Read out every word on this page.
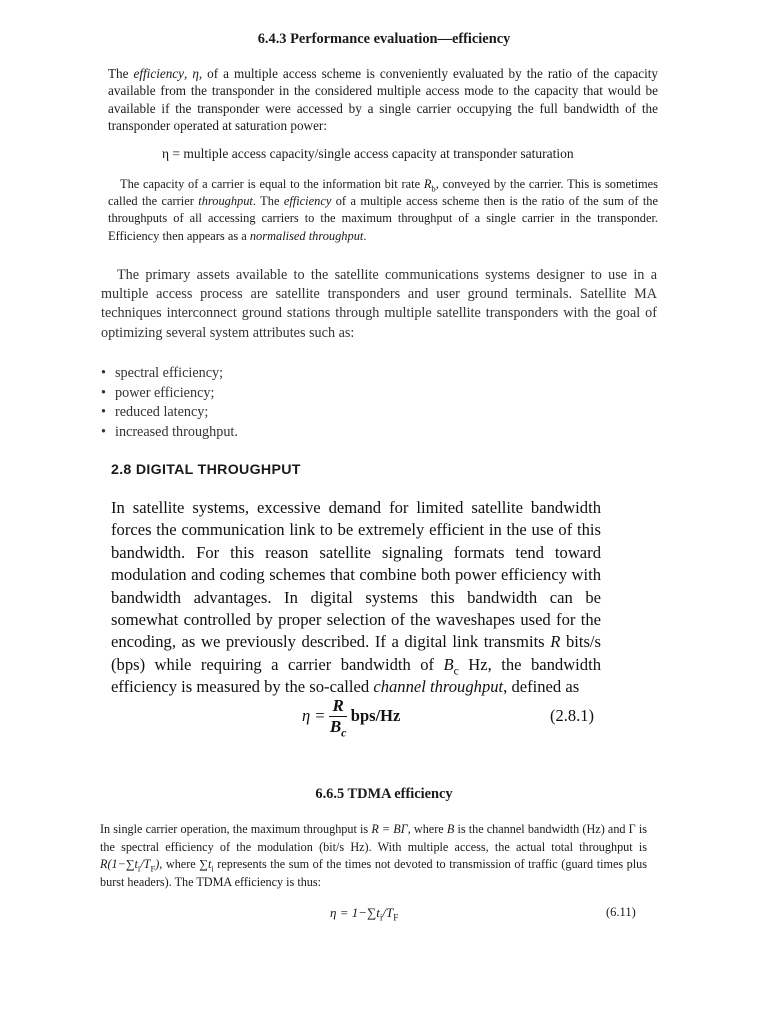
6.4.3 Performance evaluation—efficiency
The efficiency, η, of a multiple access scheme is conveniently evaluated by the ratio of the capacity available from the transponder in the considered multiple access mode to the capacity that would be available if the transponder were accessed by a single carrier occupying the full bandwidth of the transponder operated at saturation power:
η = multiple access capacity/single access capacity at transponder saturation
The capacity of a carrier is equal to the information bit rate $R_b$, conveyed by the carrier. This is sometimes called the carrier throughput. The efficiency of a multiple access scheme then is the ratio of the sum of the throughputs of all accessing carriers to the maximum throughput of a single carrier in the transponder. Efficiency then appears as a normalised throughput.
The primary assets available to the satellite communications systems designer to use in a multiple access process are satellite transponders and user ground terminals. Satellite MA techniques interconnect ground stations through multiple satellite transponders with the goal of optimizing several system attributes such as:
• spectral efficiency;
• power efficiency;
• reduced latency;
• increased throughput.
2.8 DIGITAL THROUGHPUT
In satellite systems, excessive demand for limited satellite bandwidth forces the communication link to be extremely efficient in the use of this bandwidth. For this reason satellite signaling formats tend toward modulation and coding schemes that combine both power efficiency with bandwidth advantages. In digital systems this bandwidth can be somewhat controlled by proper selection of the waveshapes used for the encoding, as we previously described. If a digital link transmits R bits/s (bps) while requiring a carrier bandwidth of $B_c$ Hz, the bandwidth efficiency is measured by the so-called channel throughput, defined as
$\eta = \frac{R}{B_c} bps/Hz$	(2.8.1)
6.6.5 TDMA efficiency
In single carrier operation, the maximum throughput is R = BΓ, where B is the channel bandwidth (Hz) and Γ is the spectral efficiency of the modulation (bit/s Hz). With multiple access, the actual total throughput is $R(1-\sum t_i/T_F)$, where $\sum t_i$ represents the sum of the times not devoted to transmission of traffic (guard times plus burst headers). The TDMA efficiency is thus:
$\eta = 1-\sum t_i/T_F$	(6.11)
